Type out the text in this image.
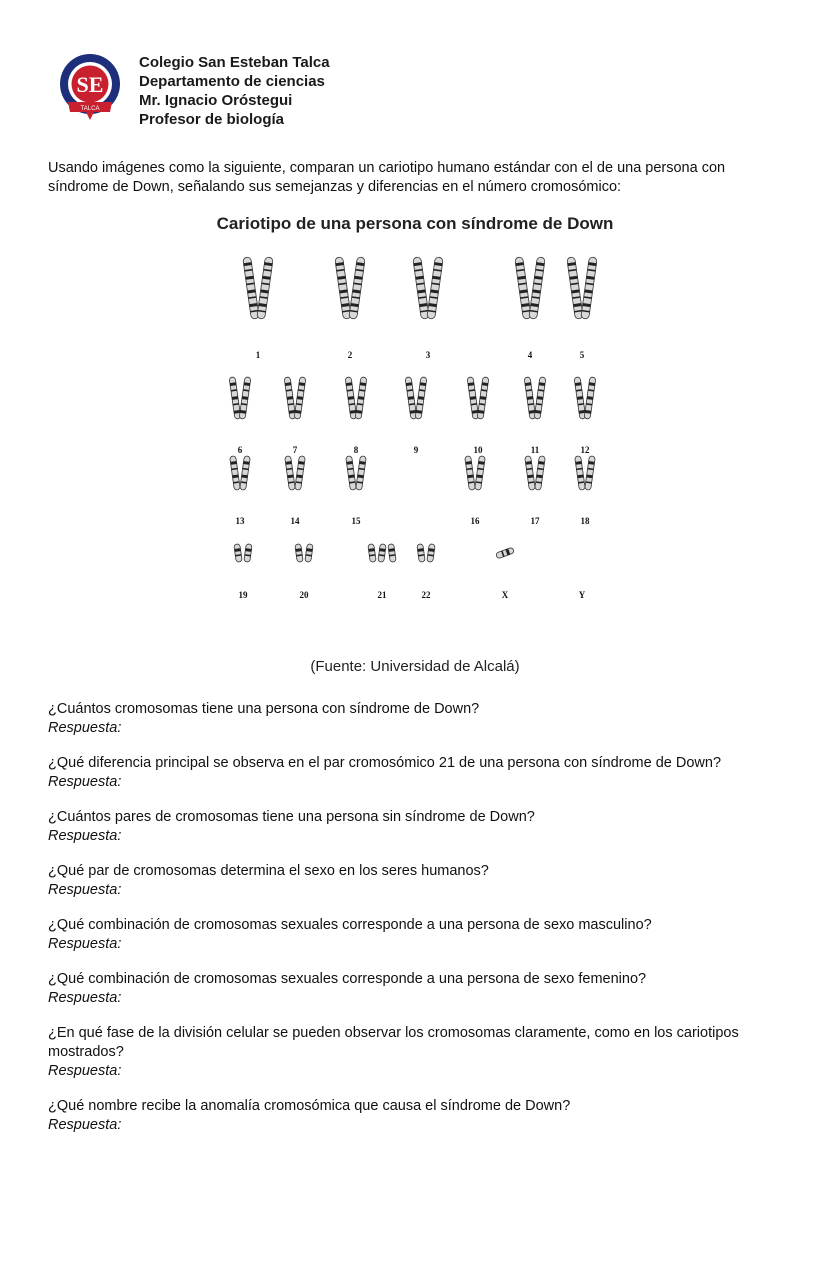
SE
TALCA
Colegio San Esteban Talca
Departamento de ciencias
Mr. Ignacio Oróstegui
Profesor de biología
Usando imágenes como la siguiente, comparan un cariotipo humano estándar con el de una persona con síndrome de Down, señalando sus semejanzas y diferencias en el número cromosómico:
Cariotipo de una persona con síndrome de Down
1	2	3	4	5
6	7	8	9	10	11	12
13	14	15	16	17	18
19	20	21	22	X	Y
(Fuente: Universidad de Alcalá)
¿Cuántos cromosomas tiene una persona con síndrome de Down?
Respuesta:
¿Qué diferencia principal se observa en el par cromosómico 21 de una persona con síndrome de Down?
Respuesta:
¿Cuántos pares de cromosomas tiene una persona sin síndrome de Down?
Respuesta:
¿Qué par de cromosomas determina el sexo en los seres humanos?
Respuesta:
¿Qué combinación de cromosomas sexuales corresponde a una persona de sexo masculino?
Respuesta:
¿Qué combinación de cromosomas sexuales corresponde a una persona de sexo femenino?
Respuesta:
¿En qué fase de la división celular se pueden observar los cromosomas claramente, como en los cariotipos mostrados?
Respuesta:
¿Qué nombre recibe la anomalía cromosómica que causa el síndrome de Down?
Respuesta:
